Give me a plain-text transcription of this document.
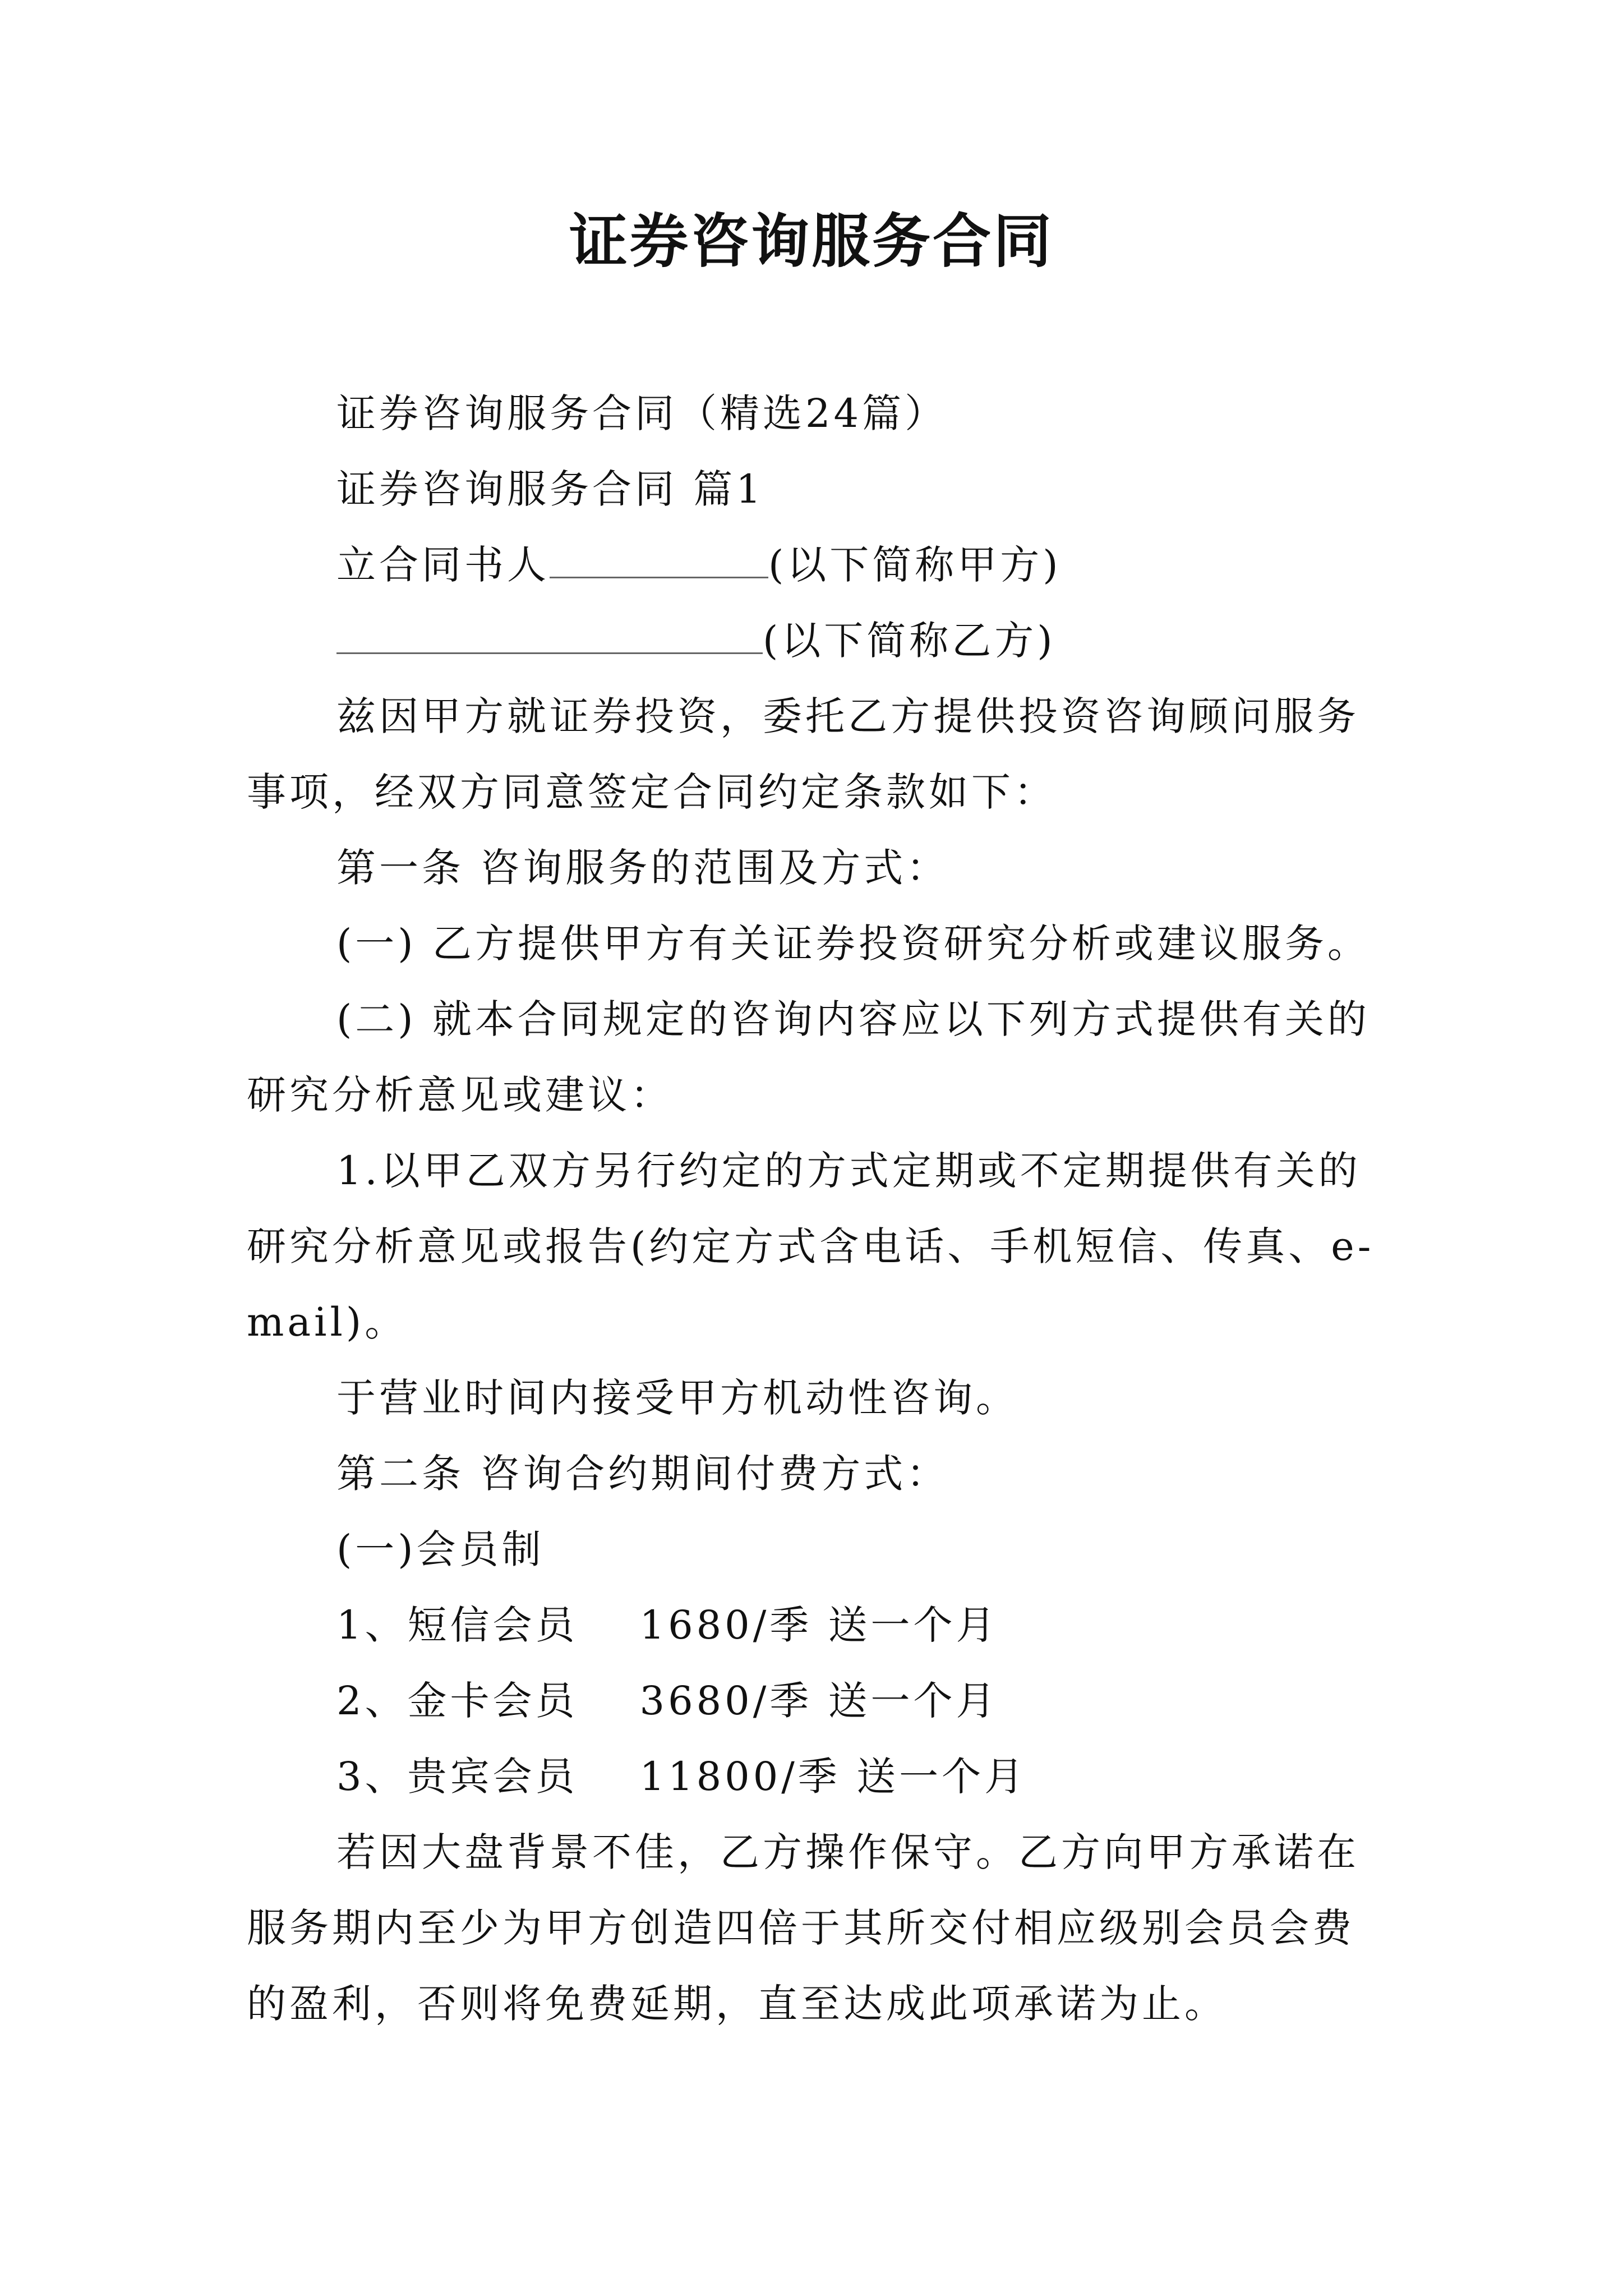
证券咨询服务合同

证券咨询服务合同（精选24篇）

证券咨询服务合同 篇1

立合同书人	(以下简称甲方)

(以下简称乙方)

兹因甲方就证券投资，委托乙方提供投资咨询顾问服务事项，经双方同意签定合同约定条款如下：

第一条 咨询服务的范围及方式：

(一) 乙方提供甲方有关证券投资研究分析或建议服务。

(二) 就本合同规定的咨询内容应以下列方式提供有关的研究分析意见或建议：

1.以甲乙双方另行约定的方式定期或不定期提供有关的研究分析意见或报告(约定方式含电话、手机短信、传真、e-mail)。

于营业时间内接受甲方机动性咨询。

第二条 咨询合约期间付费方式：

(一)会员制

1、短信会员 1680/季 送一个月

2、金卡会员 3680/季 送一个月

3、贵宾会员 11800/季 送一个月

若因大盘背景不佳，乙方操作保守。乙方向甲方承诺在服务期内至少为甲方创造四倍于其所交付相应级别会员会费的盈利，否则将免费延期，直至达成此项承诺为止。
